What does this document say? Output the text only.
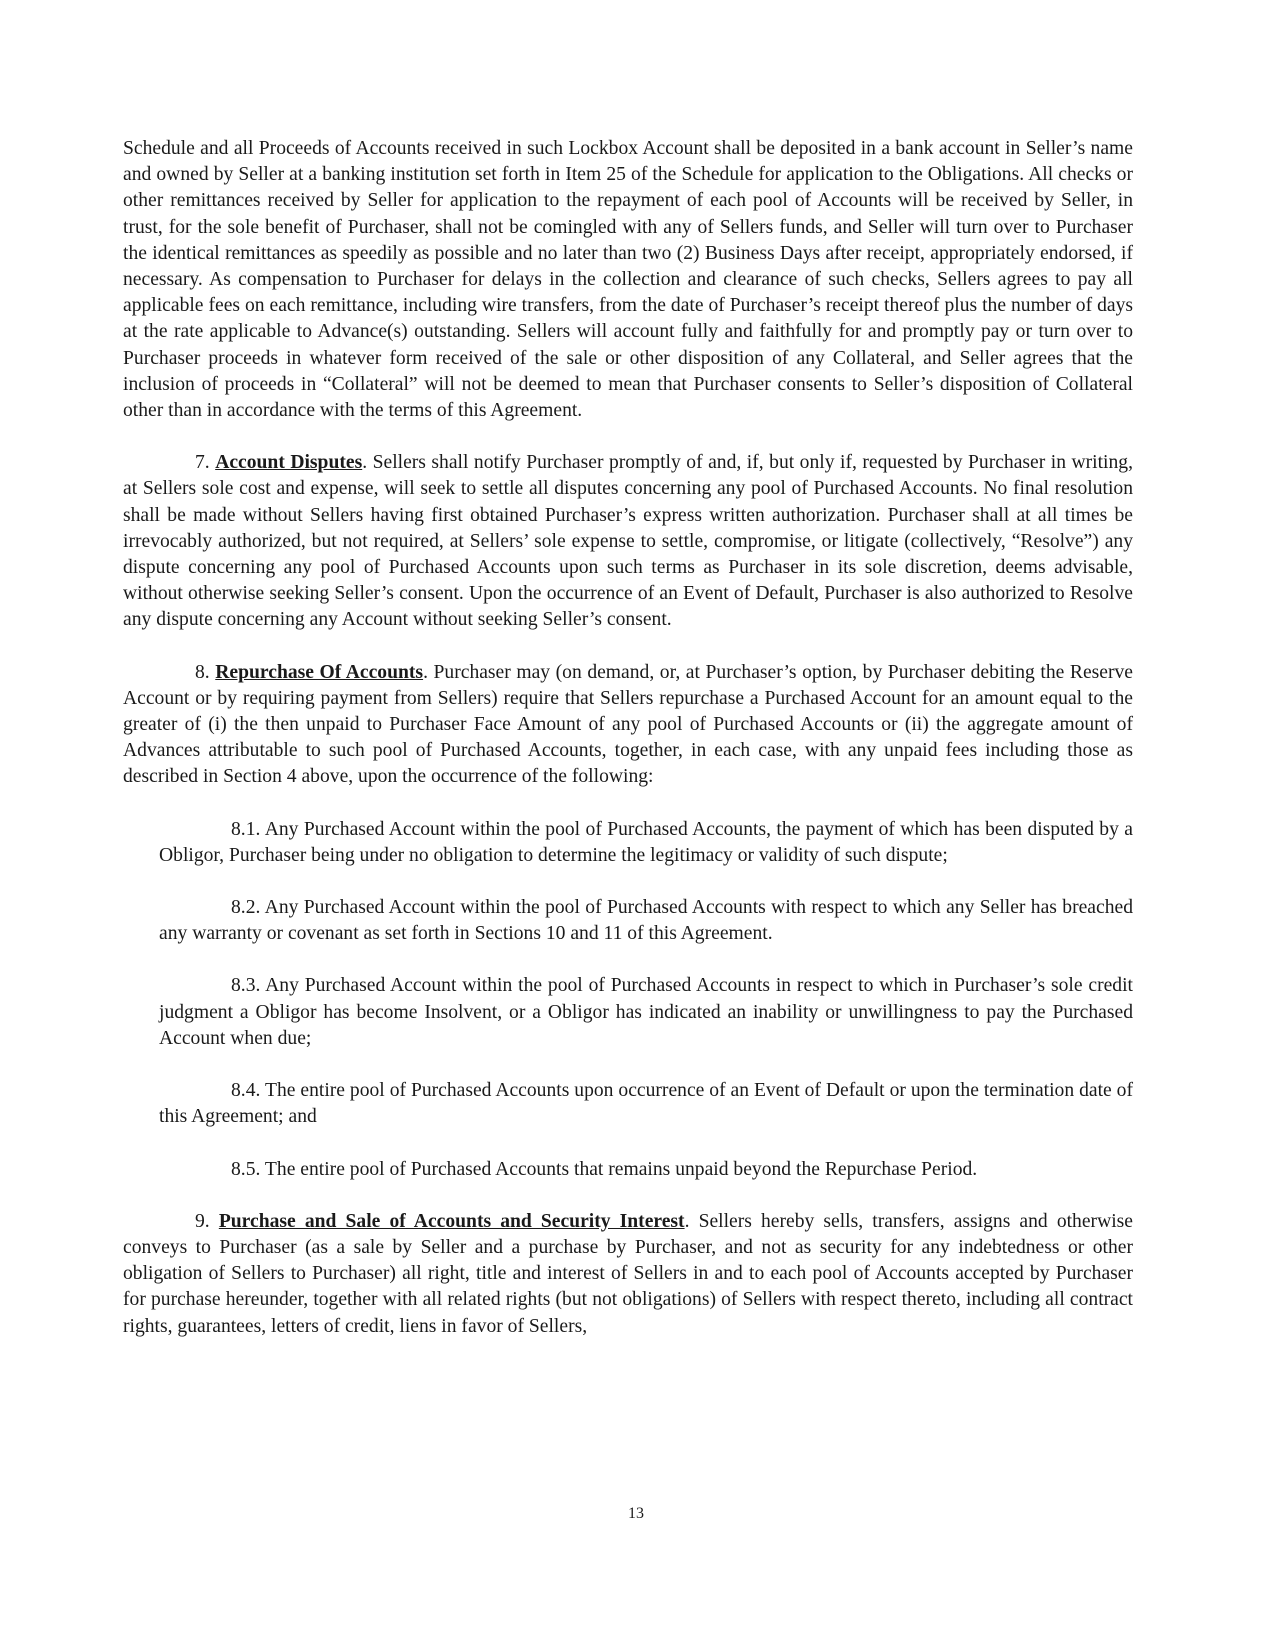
Schedule and all Proceeds of Accounts received in such Lockbox Account shall be deposited in a bank account in Seller’s name and owned by Seller at a banking institution set forth in Item 25 of the Schedule for application to the Obligations. All checks or other remittances received by Seller for application to the repayment of each pool of Accounts will be received by Seller, in trust, for the sole benefit of Purchaser, shall not be comingled with any of Sellers funds, and Seller will turn over to Purchaser the identical remittances as speedily as possible and no later than two (2) Business Days after receipt, appropriately endorsed, if necessary. As compensation to Purchaser for delays in the collection and clearance of such checks, Sellers agrees to pay all applicable fees on each remittance, including wire transfers, from the date of Purchaser’s receipt thereof plus the number of days at the rate applicable to Advance(s) outstanding. Sellers will account fully and faithfully for and promptly pay or turn over to Purchaser proceeds in whatever form received of the sale or other disposition of any Collateral, and Seller agrees that the inclusion of proceeds in “Collateral” will not be deemed to mean that Purchaser consents to Seller’s disposition of Collateral other than in accordance with the terms of this Agreement.

7. Account Disputes. Sellers shall notify Purchaser promptly of and, if, but only if, requested by Purchaser in writing, at Sellers sole cost and expense, will seek to settle all disputes concerning any pool of Purchased Accounts. No final resolution shall be made without Sellers having first obtained Purchaser’s express written authorization. Purchaser shall at all times be irrevocably authorized, but not required, at Sellers’ sole expense to settle, compromise, or litigate (collectively, “Resolve”) any dispute concerning any pool of Purchased Accounts upon such terms as Purchaser in its sole discretion, deems advisable, without otherwise seeking Seller’s consent. Upon the occurrence of an Event of Default, Purchaser is also authorized to Resolve any dispute concerning any Account without seeking Seller’s consent.

8. Repurchase Of Accounts. Purchaser may (on demand, or, at Purchaser’s option, by Purchaser debiting the Reserve Account or by requiring payment from Sellers) require that Sellers repurchase a Purchased Account for an amount equal to the greater of (i) the then unpaid to Purchaser Face Amount of any pool of Purchased Accounts or (ii) the aggregate amount of Advances attributable to such pool of Purchased Accounts, together, in each case, with any unpaid fees including those as described in Section 4 above, upon the occurrence of the following:

8.1. Any Purchased Account within the pool of Purchased Accounts, the payment of which has been disputed by a Obligor, Purchaser being under no obligation to determine the legitimacy or validity of such dispute;

8.2. Any Purchased Account within the pool of Purchased Accounts with respect to which any Seller has breached any warranty or covenant as set forth in Sections 10 and 11 of this Agreement.

8.3. Any Purchased Account within the pool of Purchased Accounts in respect to which in Purchaser’s sole credit judgment a Obligor has become Insolvent, or a Obligor has indicated an inability or unwillingness to pay the Purchased Account when due;

8.4. The entire pool of Purchased Accounts upon occurrence of an Event of Default or upon the termination date of this Agreement; and

8.5. The entire pool of Purchased Accounts that remains unpaid beyond the Repurchase Period.

9. Purchase and Sale of Accounts and Security Interest. Sellers hereby sells, transfers, assigns and otherwise conveys to Purchaser (as a sale by Seller and a purchase by Purchaser, and not as security for any indebtedness or other obligation of Sellers to Purchaser) all right, title and interest of Sellers in and to each pool of Accounts accepted by Purchaser for purchase hereunder, together with all related rights (but not obligations) of Sellers with respect thereto, including all contract rights, guarantees, letters of credit, liens in favor of Sellers,

13
